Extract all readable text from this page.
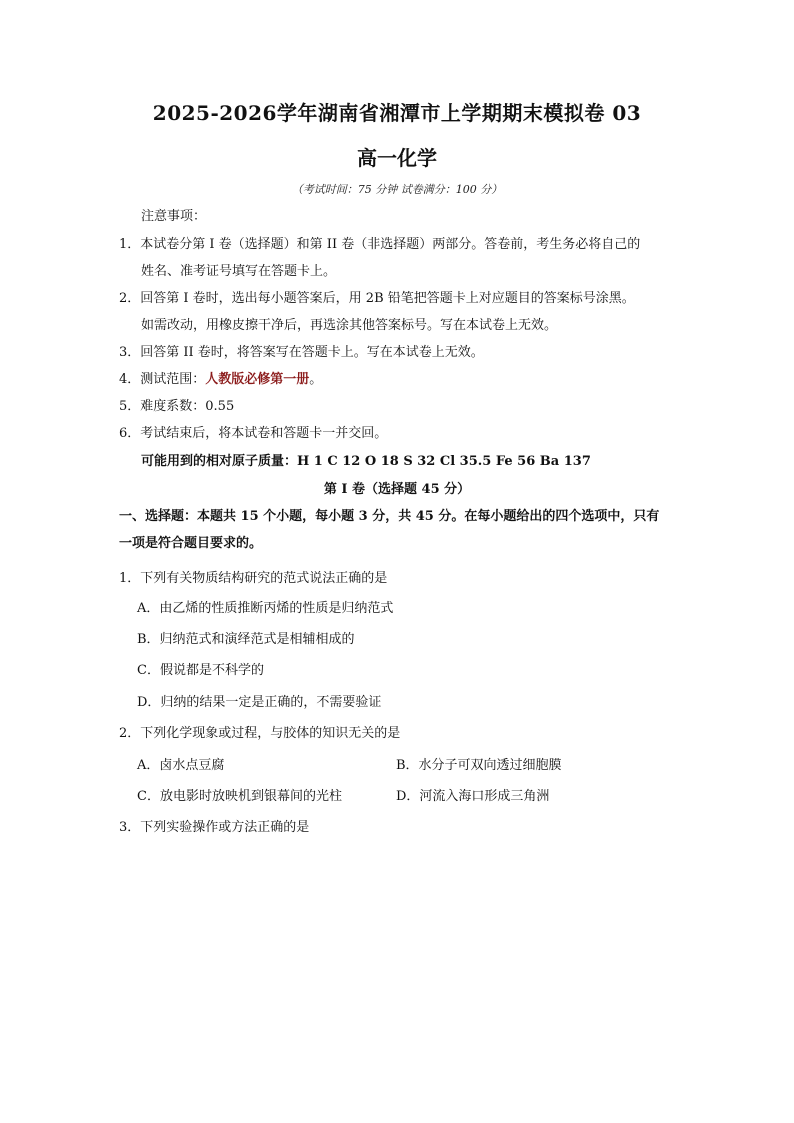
2025-2026学年湖南省湘潭市上学期期末模拟卷 03
高一化学
（考试时间：75 分钟 试卷满分：100 分）
注意事项：
1．本试卷分第 I 卷（选择题）和第 II 卷（非选择题）两部分。答卷前，考生务必将自己的
姓名、准考证号填写在答题卡上。
2．回答第 I 卷时，选出每小题答案后，用 2B 铅笔把答题卡上对应题目的答案标号涂黑。
如需改动，用橡皮擦干净后，再选涂其他答案标号。写在本试卷上无效。
3．回答第 II 卷时，将答案写在答题卡上。写在本试卷上无效。
4．测试范围：人教版必修第一册。
5．难度系数：0.55
6．考试结束后，将本试卷和答题卡一并交回。
可能用到的相对原子质量：H 1 C 12 O 18 S 32 Cl 35.5 Fe 56 Ba 137
第 I 卷（选择题 45 分）
一、选择题：本题共 15 个小题，每小题 3 分，共 45 分。在每小题给出的四个选项中，只有
一项是符合题目要求的。
1．下列有关物质结构研究的范式说法正确的是
A．由乙烯的性质推断丙烯的性质是归纳范式
B．归纳范式和演绎范式是相辅相成的
C．假说都是不科学的
D．归纳的结果一定是正确的，不需要验证
2．下列化学现象或过程，与胶体的知识无关的是
A．卤水点豆腐	B．水分子可双向透过细胞膜
C．放电影时放映机到银幕间的光柱	D．河流入海口形成三角洲
3．下列实验操作或方法正确的是
